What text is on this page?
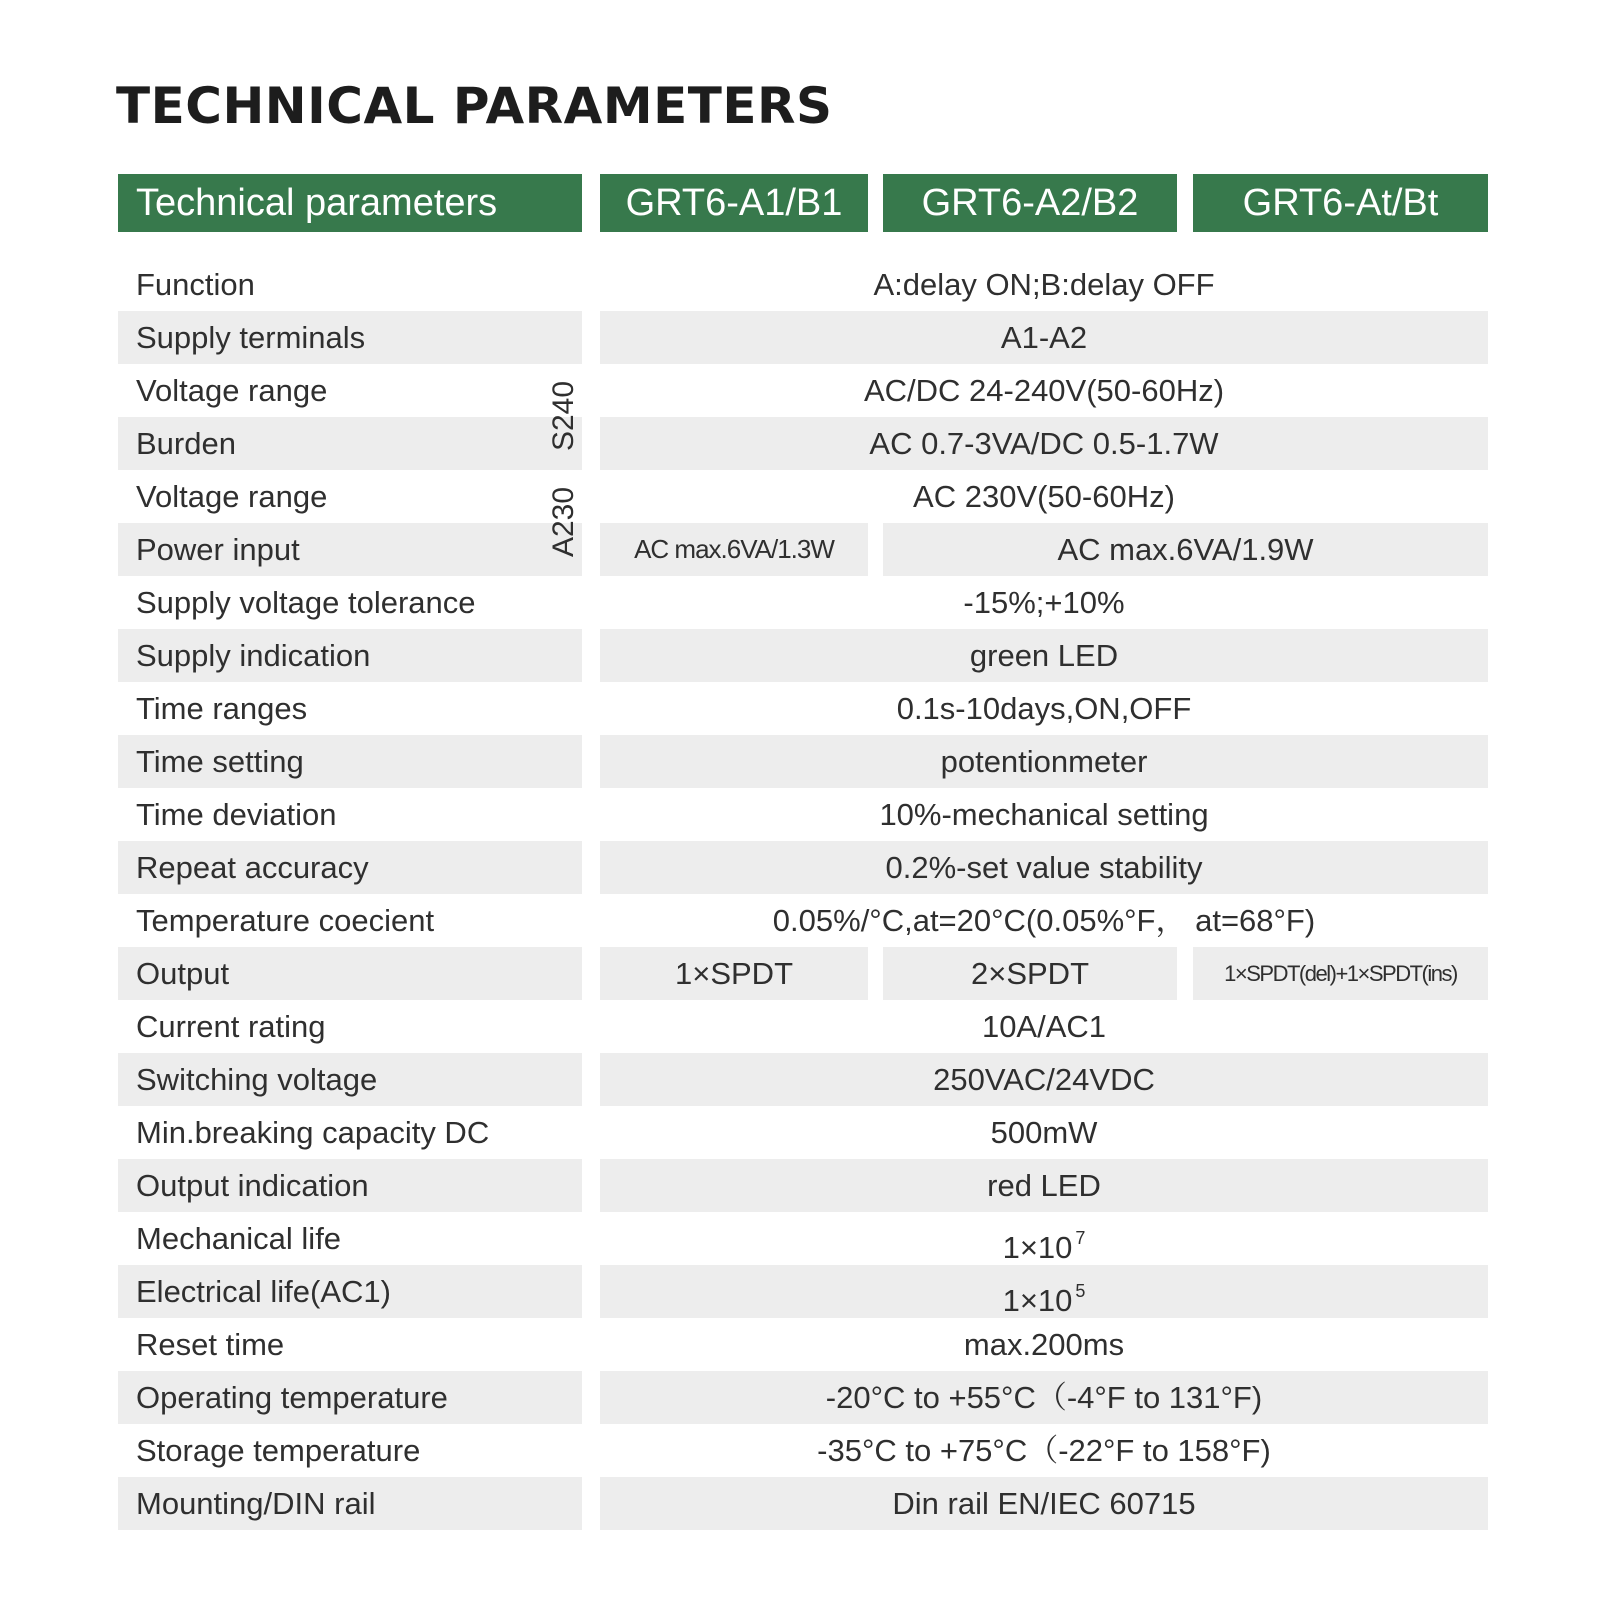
TECHNICAL PARAMETERS
Technical parameters	GRT6-A1/B1 GRT6-A2/B2	GRT6-At/Bt
Function	A:delay ON;B:delay OFF
Supply terminals	A1-A2
Voltage range	AC/DC 24-240V(50-60Hz)
Burden	AC 0.7-3VA/DC 0.5-1.7W
Voltage range	AC 230V(50-60Hz)
Power input	AC max.6VA/1.3W	AC max.6VA/1.9W
Supply voltage tolerance	-15%;+10%
Supply indication	green LED
Time ranges	0.1s-10days,ON,OFF
Time setting	potentionmeter
Time deviation	10%-mechanical setting
Repeat accuracy	0.2%-set value stability
Temperature coecient	0.05%/°C,at=20°C(0.05%°F， at=68°F)
Output	1×SPDT	2×SPDT	1×SPDT(del)+1×SPDT(ins)
Current rating	10A/AC1
Switching voltage	250VAC/24VDC
Min.breaking capacity DC	500mW
Output indication	red LED
Mechanical life	1×10 $^7$
Electrical life(AC1)	1×10 $^5$
Reset time	max.200ms
Operating temperature	-20°C to +55°C（-4°F to 131°F)
Storage temperature	-35°C to +75°C（-22°F to 158°F)
Mounting/DIN rail	Din rail EN/IEC 60715
S240
A230
